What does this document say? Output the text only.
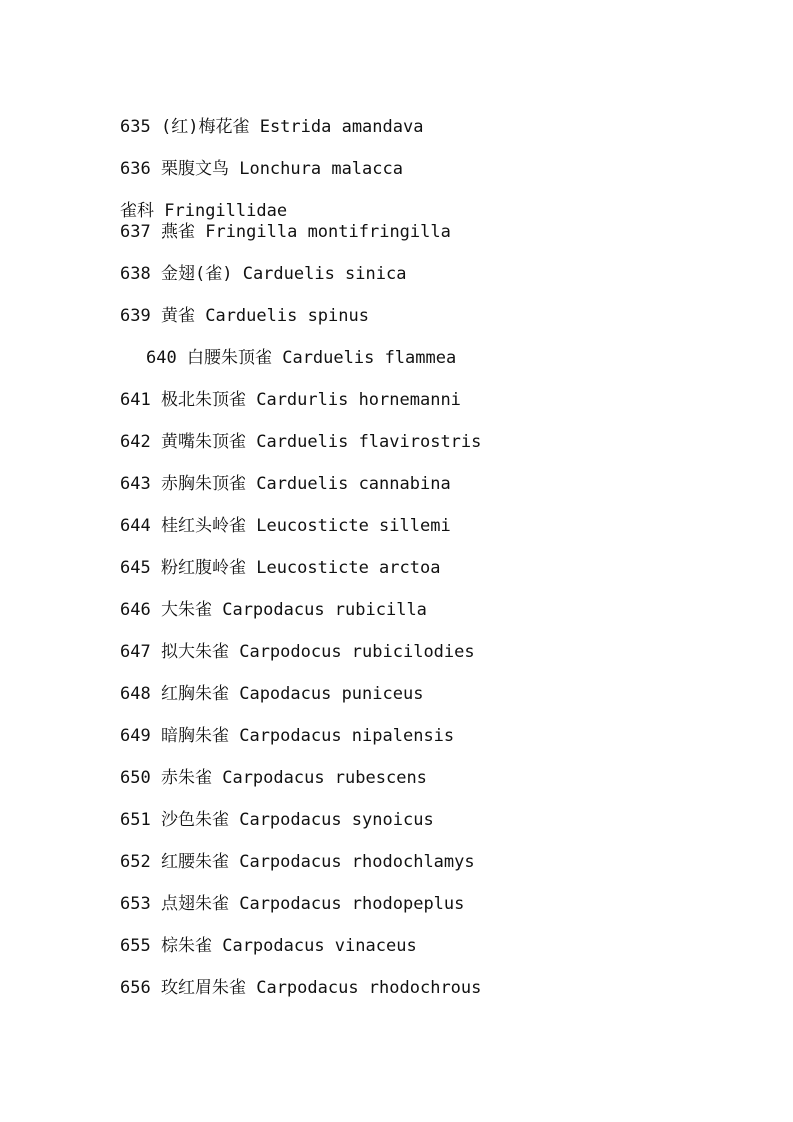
635 (红)梅花雀 Estrida amandava
636 栗腹文鸟 Lonchura malacca
雀科 Fringillidae
637 燕雀 Fringilla montifringilla
638 金翅(雀) Carduelis sinica
639 黄雀 Carduelis spinus
640 白腰朱顶雀 Carduelis flammea
641 极北朱顶雀 Cardurlis hornemanni
642 黄嘴朱顶雀 Carduelis flavirostris
643 赤胸朱顶雀 Carduelis cannabina
644 桂红头岭雀 Leucosticte sillemi
645 粉红腹岭雀 Leucosticte arctoa
646 大朱雀 Carpodacus rubicilla
647 拟大朱雀 Carpodocus rubicilodies
648 红胸朱雀 Capodacus puniceus
649 暗胸朱雀 Carpodacus nipalensis
650 赤朱雀 Carpodacus rubescens
651 沙色朱雀 Carpodacus synoicus
652 红腰朱雀 Carpodacus rhodochlamys
653 点翅朱雀 Carpodacus rhodopeplus
655 棕朱雀 Carpodacus vinaceus
656 玫红眉朱雀 Carpodacus rhodochrous
